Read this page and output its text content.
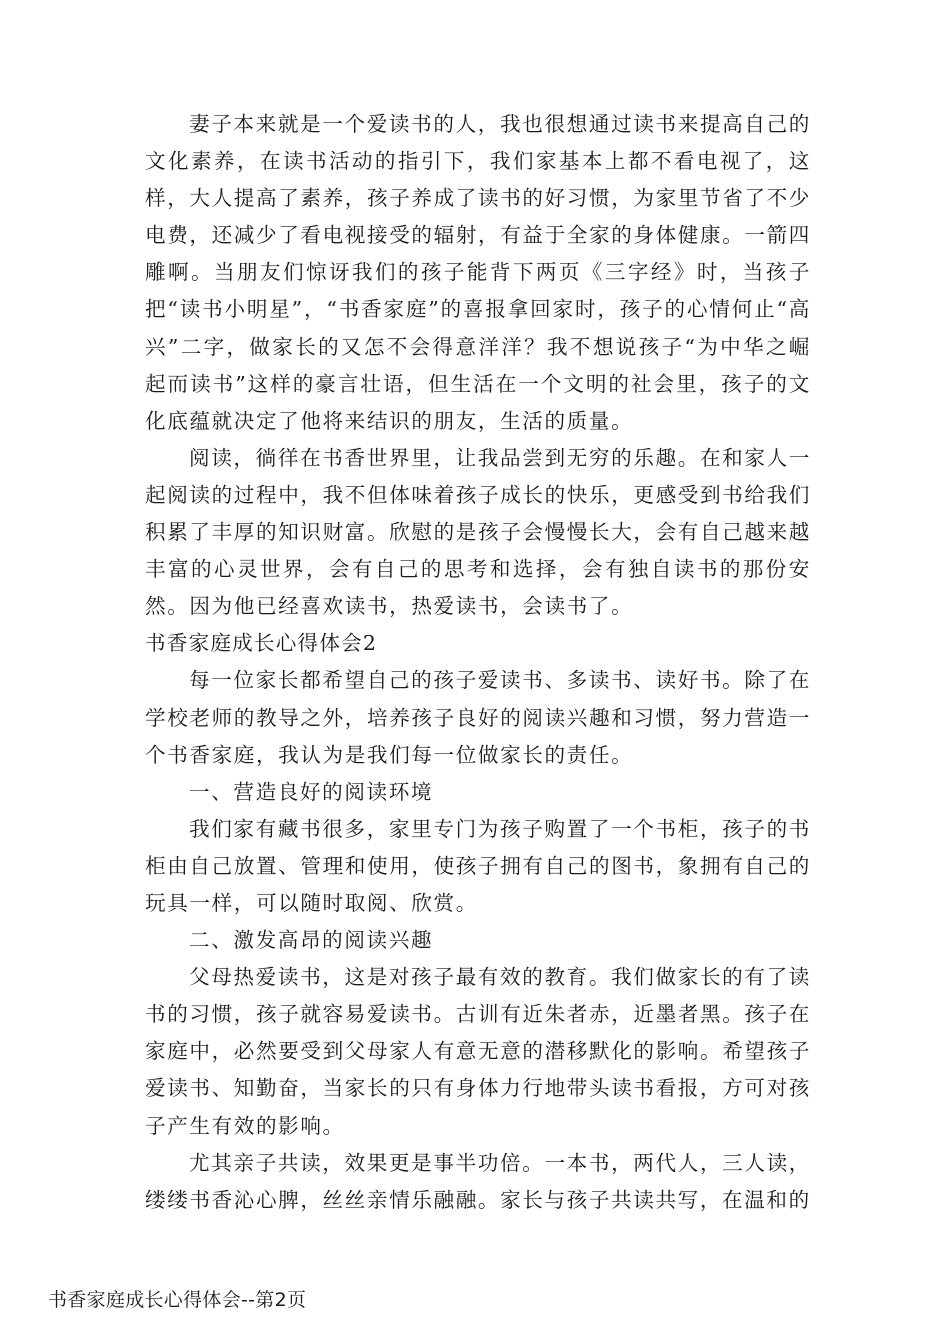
妻子本来就是一个爱读书的人，我也很想通过读书来提高自己的文化素养，在读书活动的指引下，我们家基本上都不看电视了，这样，大人提高了素养，孩子养成了读书的好习惯，为家里节省了不少电费，还减少了看电视接受的辐射，有益于全家的身体健康。一箭四雕啊。当朋友们惊讶我们的孩子能背下两页《三字经》时，当孩子把“读书小明星”，“书香家庭”的喜报拿回家时，孩子的心情何止“高兴”二字，做家长的又怎不会得意洋洋？我不想说孩子“为中华之崛起而读书”这样的豪言壮语，但生活在一个文明的社会里，孩子的文化底蕴就决定了他将来结识的朋友，生活的质量。

阅读，徜徉在书香世界里，让我品尝到无穷的乐趣。在和家人一起阅读的过程中，我不但体味着孩子成长的快乐，更感受到书给我们积累了丰厚的知识财富。欣慰的是孩子会慢慢长大，会有自己越来越丰富的心灵世界，会有自己的思考和选择，会有独自读书的那份安然。因为他已经喜欢读书，热爱读书，会读书了。

书香家庭成长心得体会2

每一位家长都希望自己的孩子爱读书、多读书、读好书。除了在学校老师的教导之外，培养孩子良好的阅读兴趣和习惯，努力营造一个书香家庭，我认为是我们每一位做家长的责任。

一、营造良好的阅读环境

我们家有藏书很多，家里专门为孩子购置了一个书柜，孩子的书柜由自己放置、管理和使用，使孩子拥有自己的图书，象拥有自己的玩具一样，可以随时取阅、欣赏。

二、激发高昂的阅读兴趣

父母热爱读书，这是对孩子最有效的教育。我们做家长的有了读书的习惯，孩子就容易爱读书。古训有近朱者赤，近墨者黑。孩子在家庭中，必然要受到父母家人有意无意的潜移默化的影响。希望孩子爱读书、知勤奋，当家长的只有身体力行地带头读书看报，方可对孩子产生有效的影响。

尤其亲子共读，效果更是事半功倍。一本书，两代人，三人读，缕缕书香沁心脾，丝丝亲情乐融融。家长与孩子共读共写，在温和的

书香家庭成长心得体会--第2页
